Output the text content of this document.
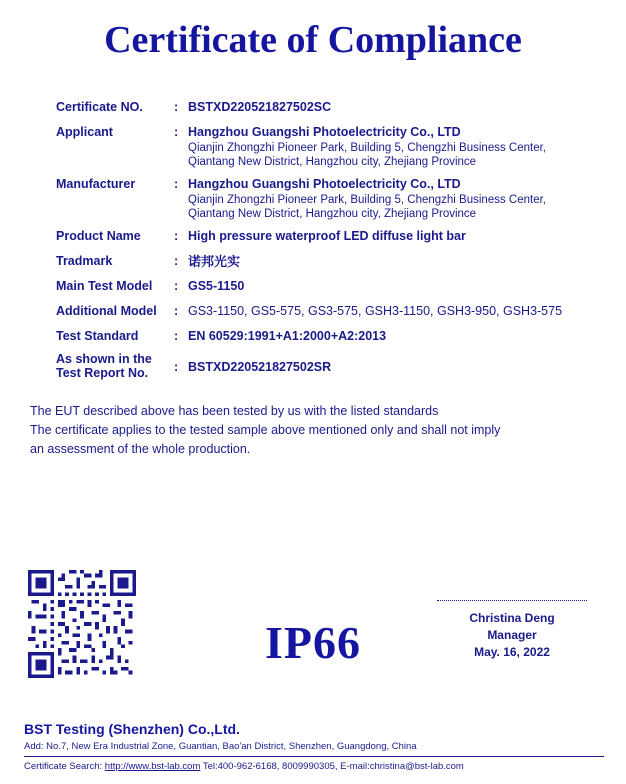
Certificate of Compliance
Certificate NO.	: BSTXD220521827502SC
Applicant	: Hangzhou Guangshi Photoelectricity Co., LTD
Qianjin Zhongzhi Pioneer Park, Building 5, Chengzhi Business Center, Qiantang New District, Hangzhou city, Zhejiang Province
Manufacturer	: Hangzhou Guangshi Photoelectricity Co., LTD
Qianjin Zhongzhi Pioneer Park, Building 5, Chengzhi Business Center, Qiantang New District, Hangzhou city, Zhejiang Province
Product Name	: High pressure waterproof LED diffuse light bar
Tradmark	: 诺邦光实
Main Test Model	: GS5-1150
Additional Model	: GS3-1150, GS5-575, GS3-575, GSH3-1150, GSH3-950, GSH3-575
Test Standard	: EN 60529:1991+A1:2000+A2:2013
As shown in the Test Report No.	: BSTXD220521827502SR

The EUT described above has been tested by us with the listed standards

The certificate applies to the tested sample above mentioned only and shall not imply

an assessment of the whole production.

IP66	Christina Deng
Manager
May. 16, 2022
BST Testing (Shenzhen) Co.,Ltd.
Add: No.7, New Era Industrial Zone, Guantian, Bao'an District, Shenzhen, Guangdong, China
Certificate Search: http://www.bst-lab.com Tel:400-962-6168, 8009990305, E-mail:christina@bst-lab.com
